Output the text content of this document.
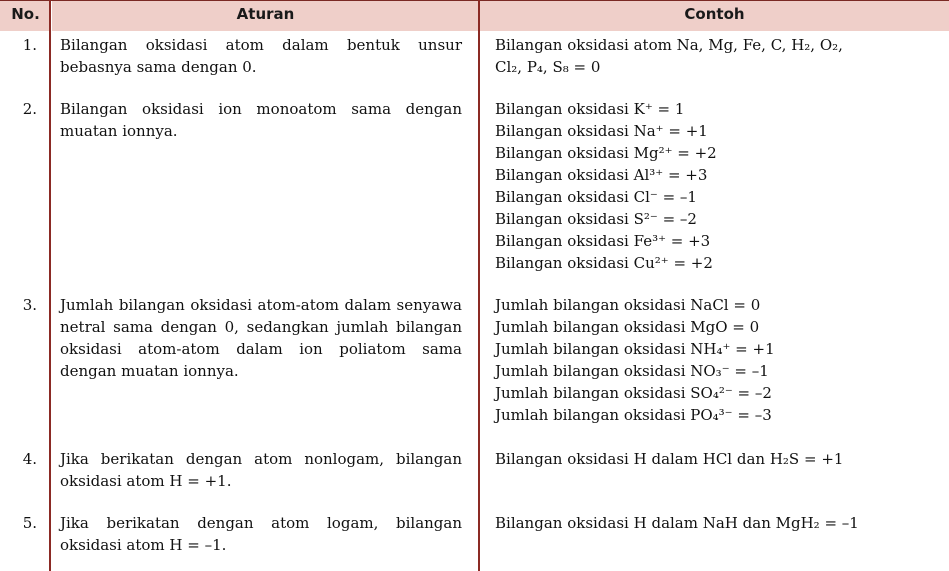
No.	Aturan	Contoh
1. Bilangan oksidasi atom dalam bentuk unsur bebasnya sama dengan 0.
Bilangan oksidasi atom Na, Mg, Fe, C, H₂, O₂,
Cl₂, P₄, S₈ = 0
2. Bilangan oksidasi ion monoatom sama dengan muatan ionnya.
Bilangan oksidasi K⁺ = 1
Bilangan oksidasi Na⁺ = +1
Bilangan oksidasi Mg²⁺ = +2
Bilangan oksidasi Al³⁺ = +3
Bilangan oksidasi Cl⁻ = –1
Bilangan oksidasi S²⁻ = –2
Bilangan oksidasi Fe³⁺ = +3
Bilangan oksidasi Cu²⁺ = +2
3. Jumlah bilangan oksidasi atom-atom dalam senyawa netral sama dengan 0, sedangkan jumlah bilangan oksidasi atom-atom dalam ion poliatom sama dengan muatan ionnya.
Jumlah bilangan oksidasi NaCl = 0
Jumlah bilangan oksidasi MgO = 0
Jumlah bilangan oksidasi NH₄⁺ = +1
Jumlah bilangan oksidasi NO₃⁻ = –1
Jumlah bilangan oksidasi SO₄²⁻ = –2
Jumlah bilangan oksidasi PO₄³⁻ = –3
4. Jika berikatan dengan atom nonlogam, bilangan oksidasi atom H = +1.
Bilangan oksidasi H dalam HCl dan H₂S = +1
5. Jika berikatan dengan atom logam, bilangan oksidasi atom H = –1.
Bilangan oksidasi H dalam NaH dan MgH₂ = –1
